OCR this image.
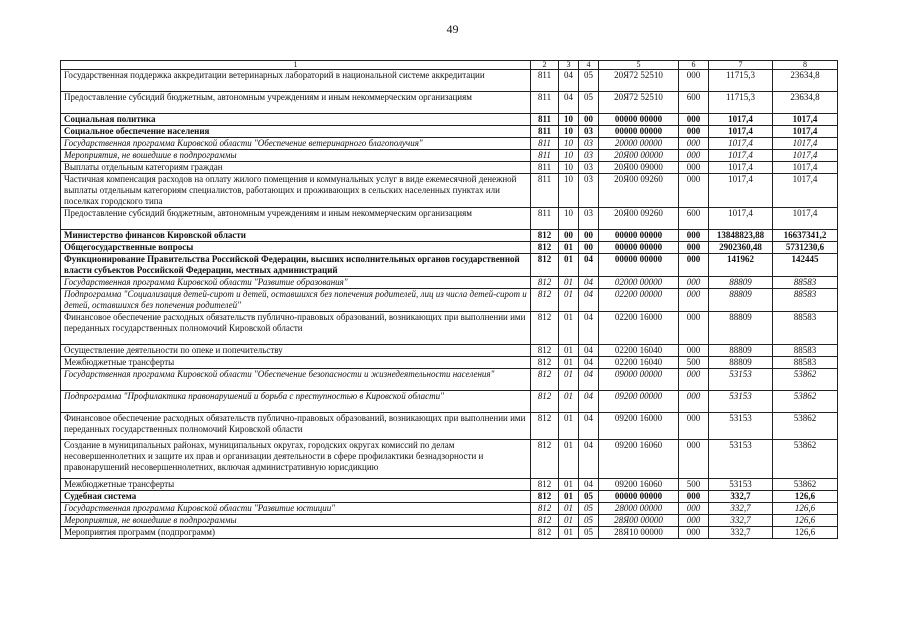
49
1	2	3	4	5	6	7	8
Государственная поддержка аккредитации ветеринарных лабораторий в национальной системе аккредитации	811	04	05	20Я72 52510	000	11715,3	23634,8
Предоставление субсидий бюджетным, автономным учреждениям и иным некоммерческим организациям	811	04	05	20Я72 52510	600	11715,3	23634,8
Социальная политика	811	10	00	00000 00000	000	1017,4	1017,4
Социальное обеспечение населения	811	10	03	00000 00000	000	1017,4	1017,4
Государственная программа Кировской области "Обеспечение ветеринарного благополучия"	811	10	03	20000 00000	000	1017,4	1017,4
Мероприятия, не вошедшие в подпрограммы	811	10	03	20Я00 00000	000	1017,4	1017,4
Выплаты отдельным категориям граждан	811	10	03	20Я00 09000	000	1017,4	1017,4
Частичная компенсация расходов на оплату жилого помещения и коммунальных услуг в виде ежемесячной денежной выплаты отдельным категориям специалистов, работающих и проживающих в сельских населенных пунктах или поселках городского типа	811	10	03	20Я00 09260	000	1017,4	1017,4
Предоставление субсидий бюджетным, автономным учреждениям и иным некоммерческим организациям	811	10	03	20Я00 09260	600	1017,4	1017,4
Министерство финансов Кировской области	812	00	00	00000 00000	000	13848823,88	16637341,2
Общегосударственные вопросы	812	01	00	00000 00000	000	2902360,48	5731230,6
Функционирование Правительства Российской Федерации, высших исполнительных органов государственной власти субъектов Российской Федерации, местных администраций	812	01	04	00000 00000	000	141962	142445
Государственная программа Кировской области "Развитие образования"	812	01	04	02000 00000	000	88809	88583
Подпрограмма "Социализация детей-сирот и детей, оставшихся без попечения родителей, лиц из числа детей-сирот и детей, оставшихся без попечения родителей"	812	01	04	02200 00000	000	88809	88583
Финансовое обеспечение расходных обязательств публично-правовых образований, возникающих при выполнении ими переданных государственных полномочий Кировской области	812	01	04	02200 16000	000	88809	88583
Осуществление деятельности по опеке и попечительству	812	01	04	02200 16040	000	88809	88583
Межбюджетные трансферты	812	01	04	02200 16040	500	88809	88583
Государственная программа Кировской области "Обеспечение безопасности и жизнедеятельности населения"	812	01	04	09000 00000	000	53153	53862
Подпрограмма "Профилактика правонарушений и борьба с преступностью в Кировской области"	812	01	04	09200 00000	000	53153	53862
Финансовое обеспечение расходных обязательств публично-правовых образований, возникающих при выполнении ими переданных государственных полномочий Кировской области	812	01	04	09200 16000	000	53153	53862
Создание в муниципальных районах, муниципальных округах, городских округах комиссий по делам несовершеннолетних и защите их прав и организации деятельности в сфере профилактики безнадзорности и правонарушений несовершеннолетних, включая административную юрисдикцию	812	01	04	09200 16060	000	53153	53862
Межбюджетные трансферты	812	01	04	09200 16060	500	53153	53862
Судебная система	812	01	05	00000 00000	000	332,7	126,6
Государственная программа Кировской области "Развитие юстиции"	812	01	05	28000 00000	000	332,7	126,6
Мероприятия, не вошедшие в подпрограммы	812	01	05	28Я00 00000	000	332,7	126,6
Мероприятия программ (подпрограмм)	812	01	05	28Я10 00000	000	332,7	126,6
